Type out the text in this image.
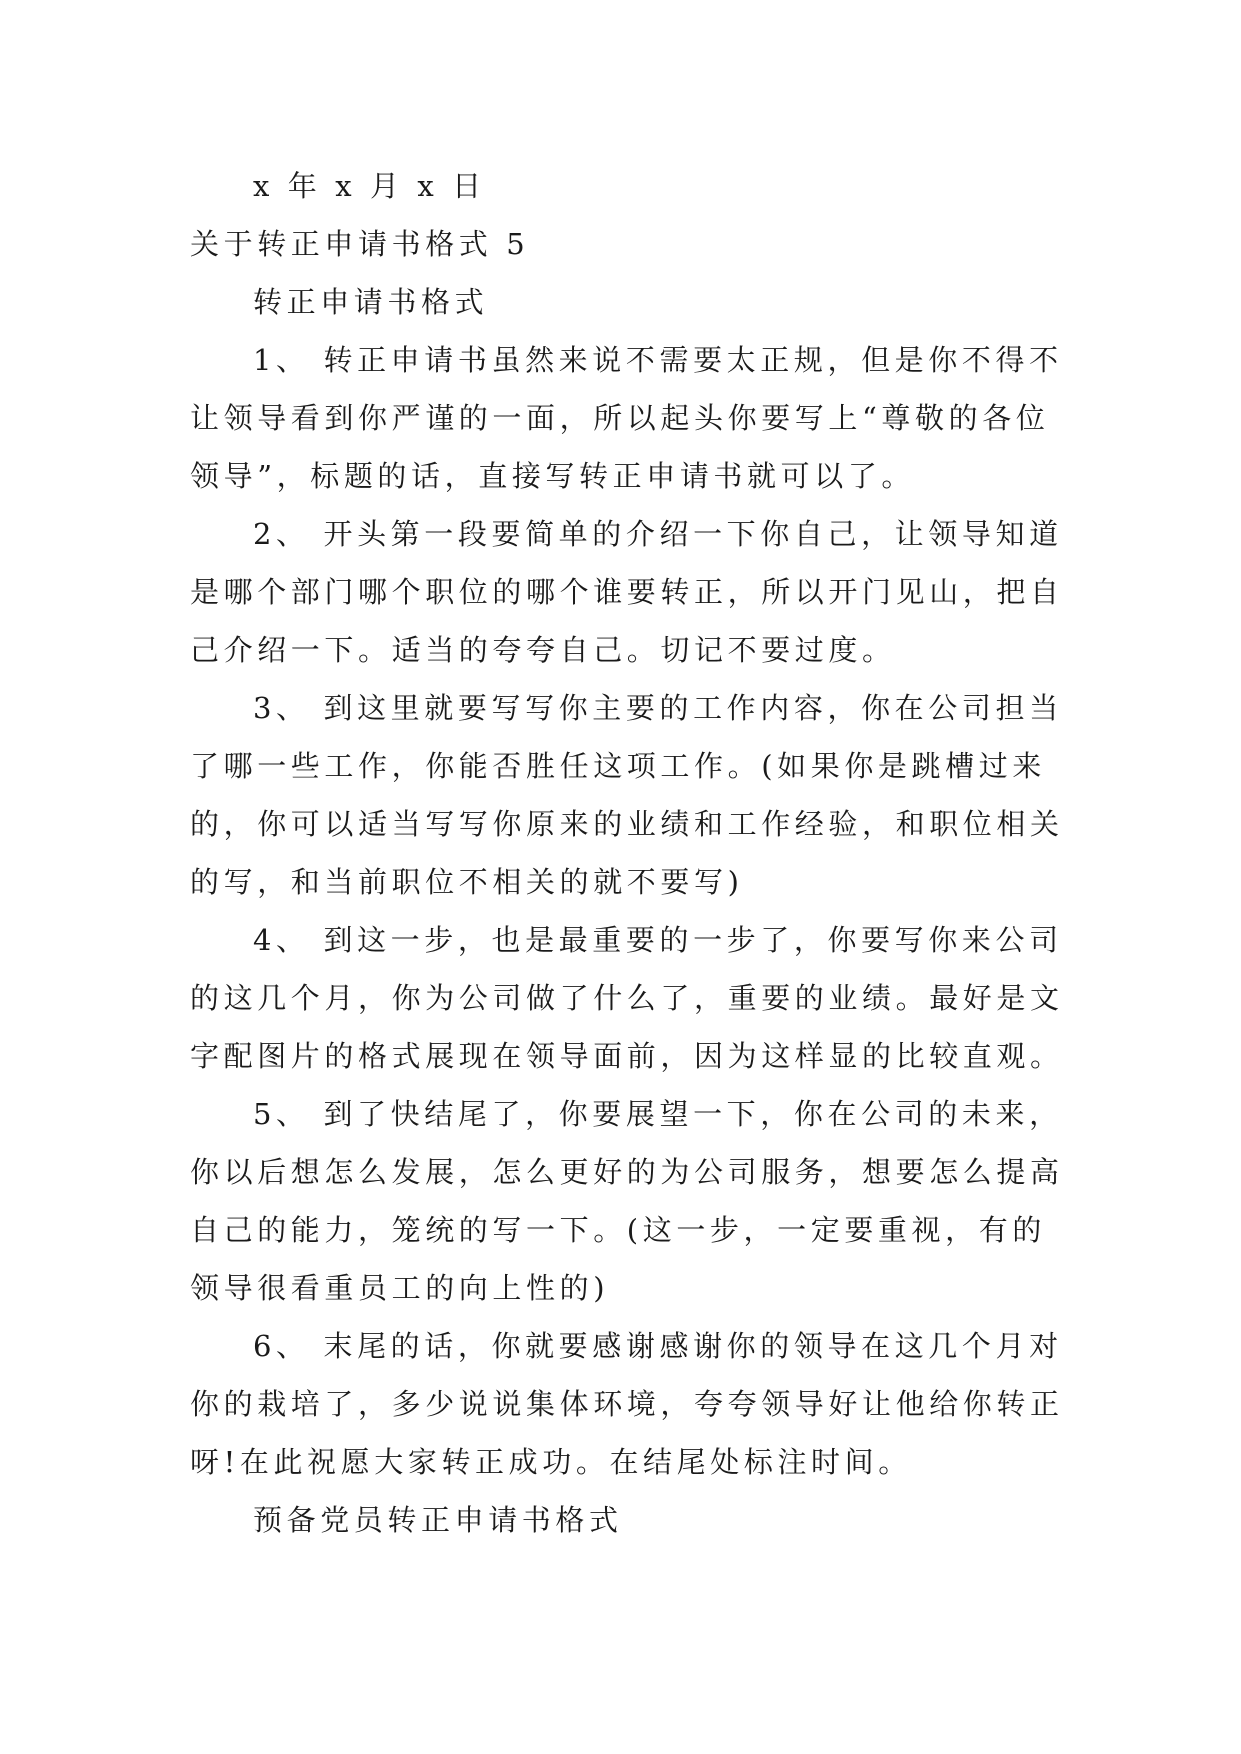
x 年 x 月 x 日
关于转正申请书格式 5
转正申请书格式
1、 转正申请书虽然来说不需要太正规，但是你不得不
让领导看到你严谨的一面，所以起头你要写上“尊敬的各位
领导”，标题的话，直接写转正申请书就可以了。
2、 开头第一段要简单的介绍一下你自己，让领导知道
是哪个部门哪个职位的哪个谁要转正，所以开门见山，把自
己介绍一下。适当的夸夸自己。切记不要过度。
3、 到这里就要写写你主要的工作内容，你在公司担当
了哪一些工作，你能否胜任这项工作。(如果你是跳槽过来
的，你可以适当写写你原来的业绩和工作经验，和职位相关
的写，和当前职位不相关的就不要写)
4、 到这一步，也是最重要的一步了，你要写你来公司
的这几个月，你为公司做了什么了，重要的业绩。最好是文
字配图片的格式展现在领导面前，因为这样显的比较直观。
5、 到了快结尾了，你要展望一下，你在公司的未来，
你以后想怎么发展，怎么更好的为公司服务，想要怎么提高
自己的能力，笼统的写一下。(这一步，一定要重视，有的
领导很看重员工的向上性的)
6、 末尾的话，你就要感谢感谢你的领导在这几个月对
你的栽培了，多少说说集体环境，夸夸领导好让他给你转正
呀!在此祝愿大家转正成功。在结尾处标注时间。
预备党员转正申请书格式
